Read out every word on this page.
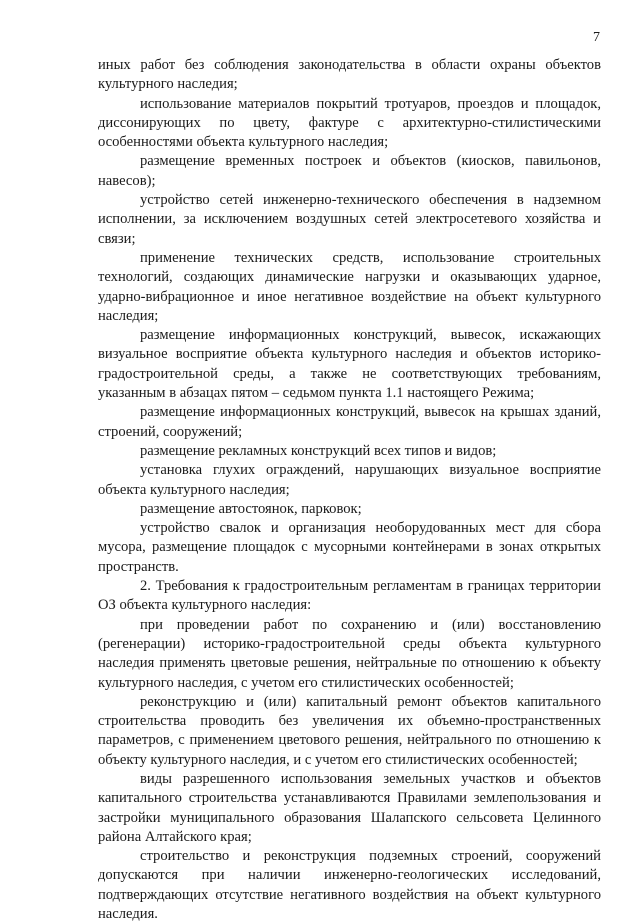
7

иных работ без соблюдения законодательства в области охраны объектов культурного наследия;

использование материалов покрытий тротуаров, проездов и площадок, диссонирующих по цвету, фактуре с архитектурно-стилистическими особенностями объекта культурного наследия;

размещение временных построек и объектов (киосков, павильонов, навесов);

устройство сетей инженерно-технического обеспечения в надземном исполнении, за исключением воздушных сетей электросетевого хозяйства и связи;

применение технических средств, использование строительных технологий, создающих динамические нагрузки и оказывающих ударное, ударно-вибрационное и иное негативное воздействие на объект культурного наследия;

размещение информационных конструкций, вывесок, искажающих визуальное восприятие объекта культурного наследия и объектов историко-градостроительной среды, а также не соответствующих требованиям, указанным в абзацах пятом – седьмом пункта 1.1 настоящего Режима;

размещение информационных конструкций, вывесок на крышах зданий, строений, сооружений;

размещение рекламных конструкций всех типов и видов;

установка глухих ограждений, нарушающих визуальное восприятие объекта культурного наследия;

размещение автостоянок, парковок;

устройство свалок и организация необорудованных мест для сбора мусора, размещение площадок с мусорными контейнерами в зонах открытых пространств.

2. Требования к градостроительным регламентам в границах территории ОЗ объекта культурного наследия:

при проведении работ по сохранению и (или) восстановлению (регенерации) историко-градостроительной среды объекта культурного наследия применять цветовые решения, нейтральные по отношению к объекту культурного наследия, с учетом его стилистических особенностей;

реконструкцию и (или) капитальный ремонт объектов капитального строительства проводить без увеличения их объемно-пространственных параметров, с применением цветового решения, нейтрального по отношению к объекту культурного наследия, и с учетом его стилистических особенностей;

виды разрешенного использования земельных участков и объектов капитального строительства устанавливаются Правилами землепользования и застройки муниципального образования Шалапского сельсовета Целинного района Алтайского края;

строительство и реконструкция подземных строений, сооружений допускаются при наличии инженерно-геологических исследований, подтверждающих отсутствие негативного воздействия на объект культурного наследия.
